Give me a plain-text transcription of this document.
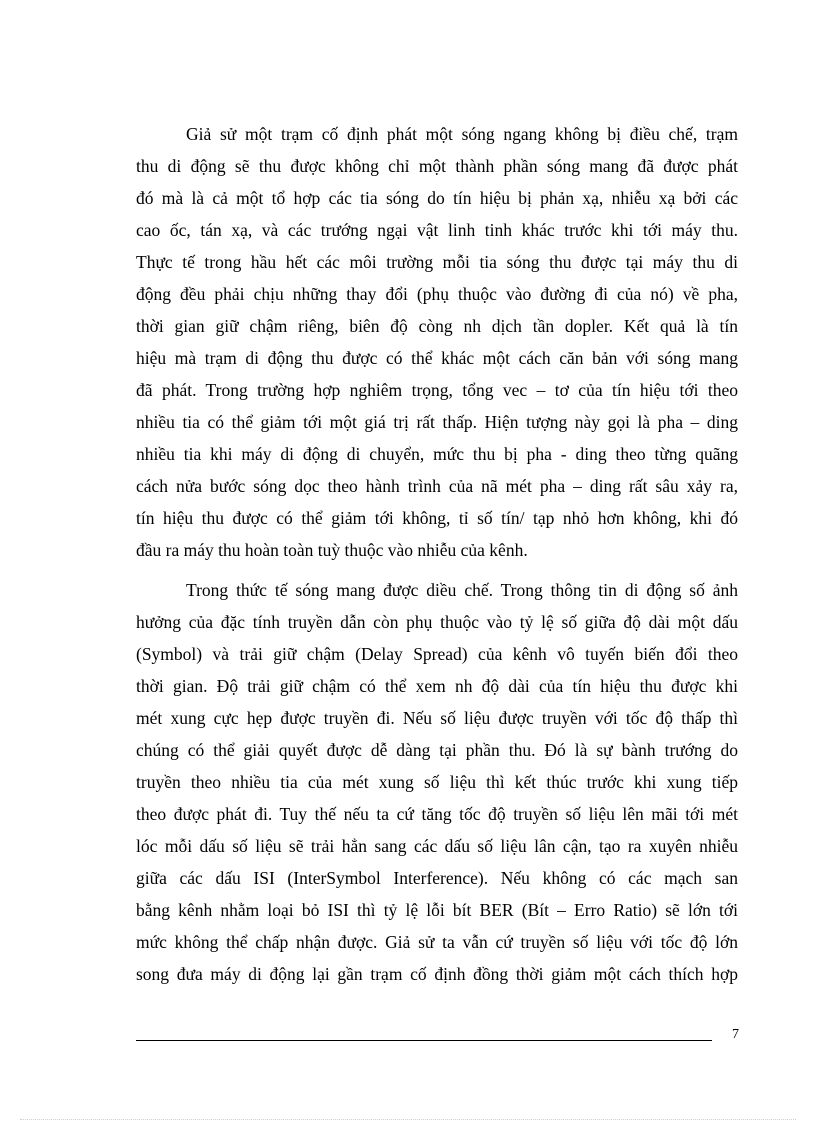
Giả sử một trạm cố định phát một sóng ngang không bị điều chế, trạm
thu di động sẽ thu được không chỉ một thành phần sóng mang đã được phát
đó mà là cả một tổ hợp các tia sóng do tín hiệu bị phản xạ, nhiễu xạ bởi các
cao ốc, tán xạ, và các trướng ngại vật linh tinh khác trước khi tới máy thu.
Thực tế trong hầu hết các môi trường mỗi tia sóng thu được tại máy thu di
động đều phải chịu những thay đổi (phụ thuộc vào đường đi của nó) về pha,
thời gian giữ chậm riêng, biên độ còng nh dịch tần dopler. Kết quả là tín
hiệu mà trạm di động thu được có thể khác một cách căn bản với sóng mang
đã phát. Trong trường hợp nghiêm trọng, tổng vec – tơ của tín hiệu tới theo
nhiều tia có thể giảm tới một giá trị rất thấp. Hiện tượng này gọi là pha – ding
nhiều tia khi máy di động di chuyển, mức thu bị pha - ding theo từng quãng
cách nửa bước sóng dọc theo hành trình của nã mét pha – ding rất sâu xảy ra,
tín hiệu thu được có thể giảm tới không, tỉ số tín/ tạp nhỏ hơn không, khi đó
đầu ra máy thu hoàn toàn tuỳ thuộc vào nhiễu của kênh.
Trong thức tế sóng mang được diều chế. Trong thông tin di động số ảnh
hưởng của đặc tính truyền dẫn còn phụ thuộc vào tỷ lệ số giữa độ dài một dấu
(Symbol) và trải giữ chậm (Delay Spread) của kênh vô tuyến biến đổi theo
thời gian. Độ trải giữ chậm có thể xem nh độ dài của tín hiệu thu được khi
mét xung cực hẹp được truyền đi. Nếu số liệu được truyền với tốc độ thấp thì
chúng có thể giải quyết được dễ dàng tại phần thu. Đó là sự bành trướng do
truyền theo nhiều tia của mét xung số liệu thì kết thúc trước khi xung tiếp
theo được phát đi. Tuy thế nếu ta cứ tăng tốc độ truyền số liệu lên mãi tới mét
lóc mỗi dấu số liệu sẽ trải hẳn sang các dấu số liệu lân cận, tạo ra xuyên nhiễu
giữa các dấu ISI (InterSymbol Interference). Nếu không có các mạch san
bằng kênh nhằm loại bỏ ISI thì tỷ lệ lỗi bít BER (Bít – Erro Ratio) sẽ lớn tới
mức không thể chấp nhận được. Giả sử ta vẫn cứ truyền số liệu với tốc độ lớn
song đưa máy di động lại gần trạm cố định đồng thời giảm một cách thích hợp
7
